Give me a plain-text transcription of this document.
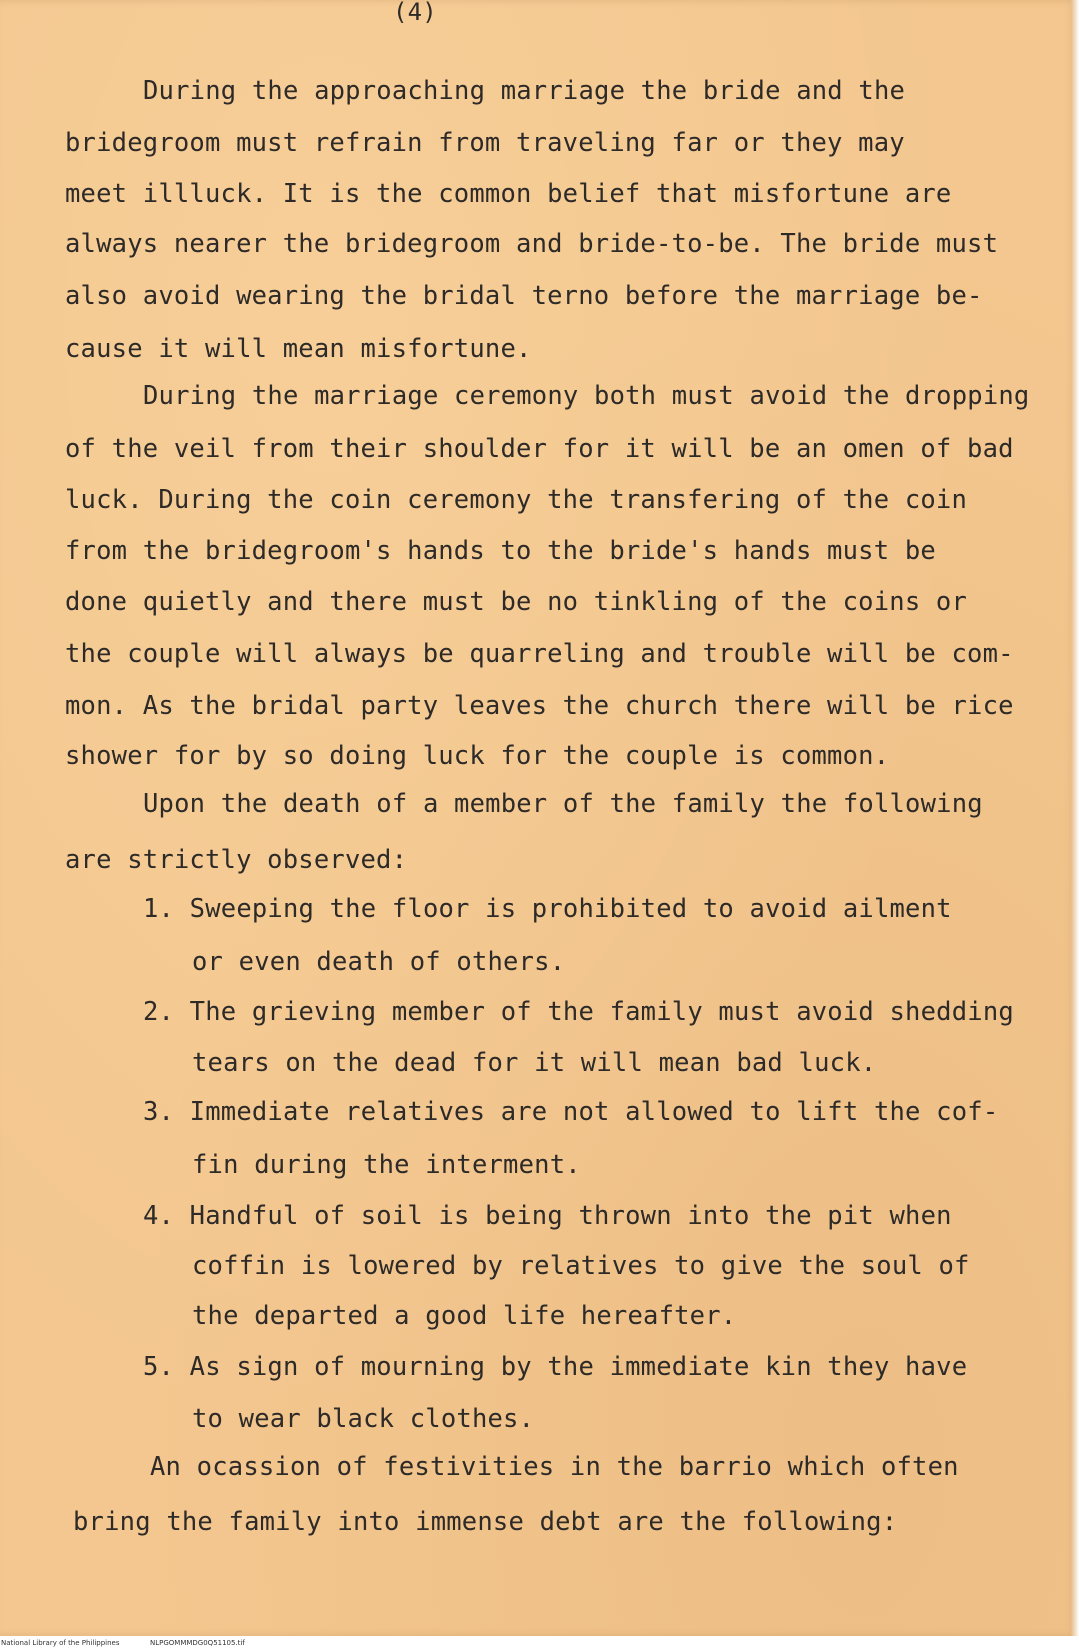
(4)

During the approaching marriage the bride and the

bridegroom must refrain from traveling far or they may

meet illluck. It is the common belief that misfortune are

always nearer the bridegroom and bride-to-be. The bride must

also avoid wearing the bridal terno before the marriage be-

cause it will mean misfortune.

During the marriage ceremony both must avoid the dropping

of the veil from their shoulder for it will be an omen of bad

luck. During the coin ceremony the transfering of the coin

from the bridegroom's hands to the bride's hands must be

done quietly and there must be no tinkling of the coins or

the couple will always be quarreling and trouble will be com-

mon. As the bridal party leaves the church there will be rice

shower for by so doing luck for the couple is common.

Upon the death of a member of the family the following

are strictly observed:

1. Sweeping the floor is prohibited to avoid ailment

or even death of others.

2. The grieving member of the family must avoid shedding

tears on the dead for it will mean bad luck.

3. Immediate relatives are not allowed to lift the cof-

fin during the interment.

4. Handful of soil is being thrown into the pit when

coffin is lowered by relatives to give the soul of

the departed a good life hereafter.

5. As sign of mourning by the immediate kin they have

to wear black clothes.

An ocassion of festivities in the barrio which often

bring the family into immense debt are the following:

National Library of the Philippines	NLPGOMMMDG0Q51105.tif
